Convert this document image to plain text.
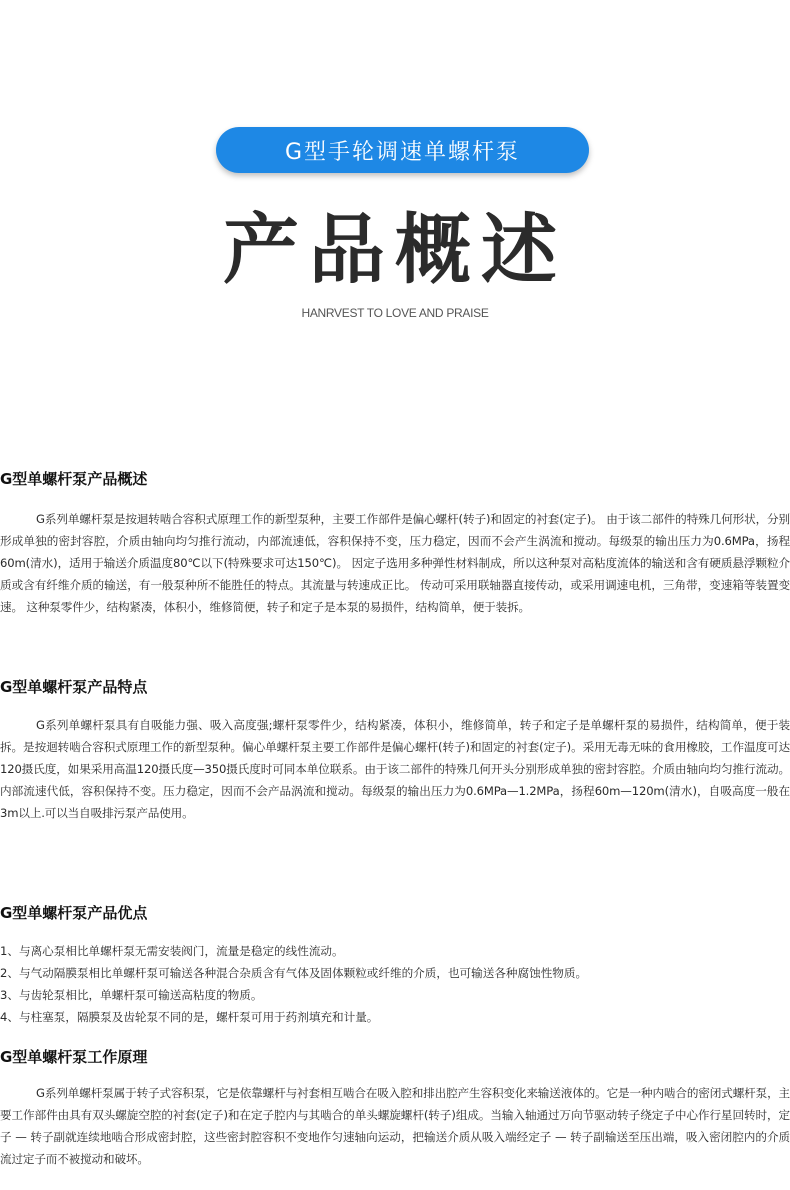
G型手轮调速单螺杆泵
产品概述
HANRVEST TO LOVE AND PRAISE
G型单螺杆泵产品概述

G系列单螺杆泵是按迴转啮合容积式原理工作的新型泵种，主要工作部件是偏心螺杆(转子)和固定的衬套(定子)。 由于该二部件的特殊几何形状，分别形成单独的密封容腔，介质由轴向均匀推行流动，内部流速低，容积保持不变，压力稳定，因而不会产生涡流和搅动。每级泵的输出压力为0.6MPa，扬程60m(清水)，适用于输送介质温度80℃以下(特殊要求可达150℃)。 因定子选用多种弹性材料制成，所以这种泵对高粘度流体的输送和含有硬质悬浮颗粒介质或含有纤维介质的输送，有一般泵种所不能胜任的特点。其流量与转速成正比。 传动可采用联轴器直接传动，或采用调速电机，三角带，变速箱等装置变速。 这种泵零件少，结构紧凑，体积小，维修简便，转子和定子是本泵的易损件，结构简单，便于装拆。

G型单螺杆泵产品特点

G系列单螺杆泵具有自吸能力强、吸入高度强;螺杆泵零件少，结构紧凑，体积小，维修简单，转子和定子是单螺杆泵的易损件，结构简单，便于装拆。是按迴转啮合容积式原理工作的新型泵种。偏心单螺杆泵主要工作部件是偏心螺杆(转子)和固定的衬套(定子)。采用无毒无味的食用橡胶，工作温度可达120摄氏度，如果采用高温120摄氏度—350摄氏度时可同本单位联系。由于该二部件的特殊几何开头分别形成单独的密封容腔。介质由轴向均匀推行流动。内部流速代低，容积保持不变。压力稳定，因而不会产品涡流和搅动。每级泵的输出压力为0.6MPa—1.2MPa，扬程60m—120m(清水)，自吸高度一般在3m以上.可以当自吸排污泵产品使用。

G型单螺杆泵产品优点
1、与离心泵相比单螺杆泵无需安装阀门，流量是稳定的线性流动。
2、与气动隔膜泵相比单螺杆泵可输送各种混合杂质含有气体及固体颗粒或纤维的介质，也可输送各种腐蚀性物质。
3、与齿轮泵相比，单螺杆泵可输送高粘度的物质。
4、与柱塞泵，隔膜泵及齿轮泵不同的是，螺杆泵可用于药剂填充和计量。
G型单螺杆泵工作原理

G系列单螺杆泵属于转子式容积泵，它是依靠螺杆与衬套相互啮合在吸入腔和排出腔产生容积变化来输送液体的。它是一种内啮合的密闭式螺杆泵，主要工作部件由具有双头螺旋空腔的衬套(定子)和在定子腔内与其啮合的单头螺旋螺杆(转子)组成。当输入轴通过万向节驱动转子绕定子中心作行星回转时，定子 — 转子副就连续地啮合形成密封腔，这些密封腔容积不变地作匀速轴向运动，把输送介质从吸入端经定子 — 转子副输送至压出端，吸入密闭腔内的介质流过定子而不被搅动和破坏。
